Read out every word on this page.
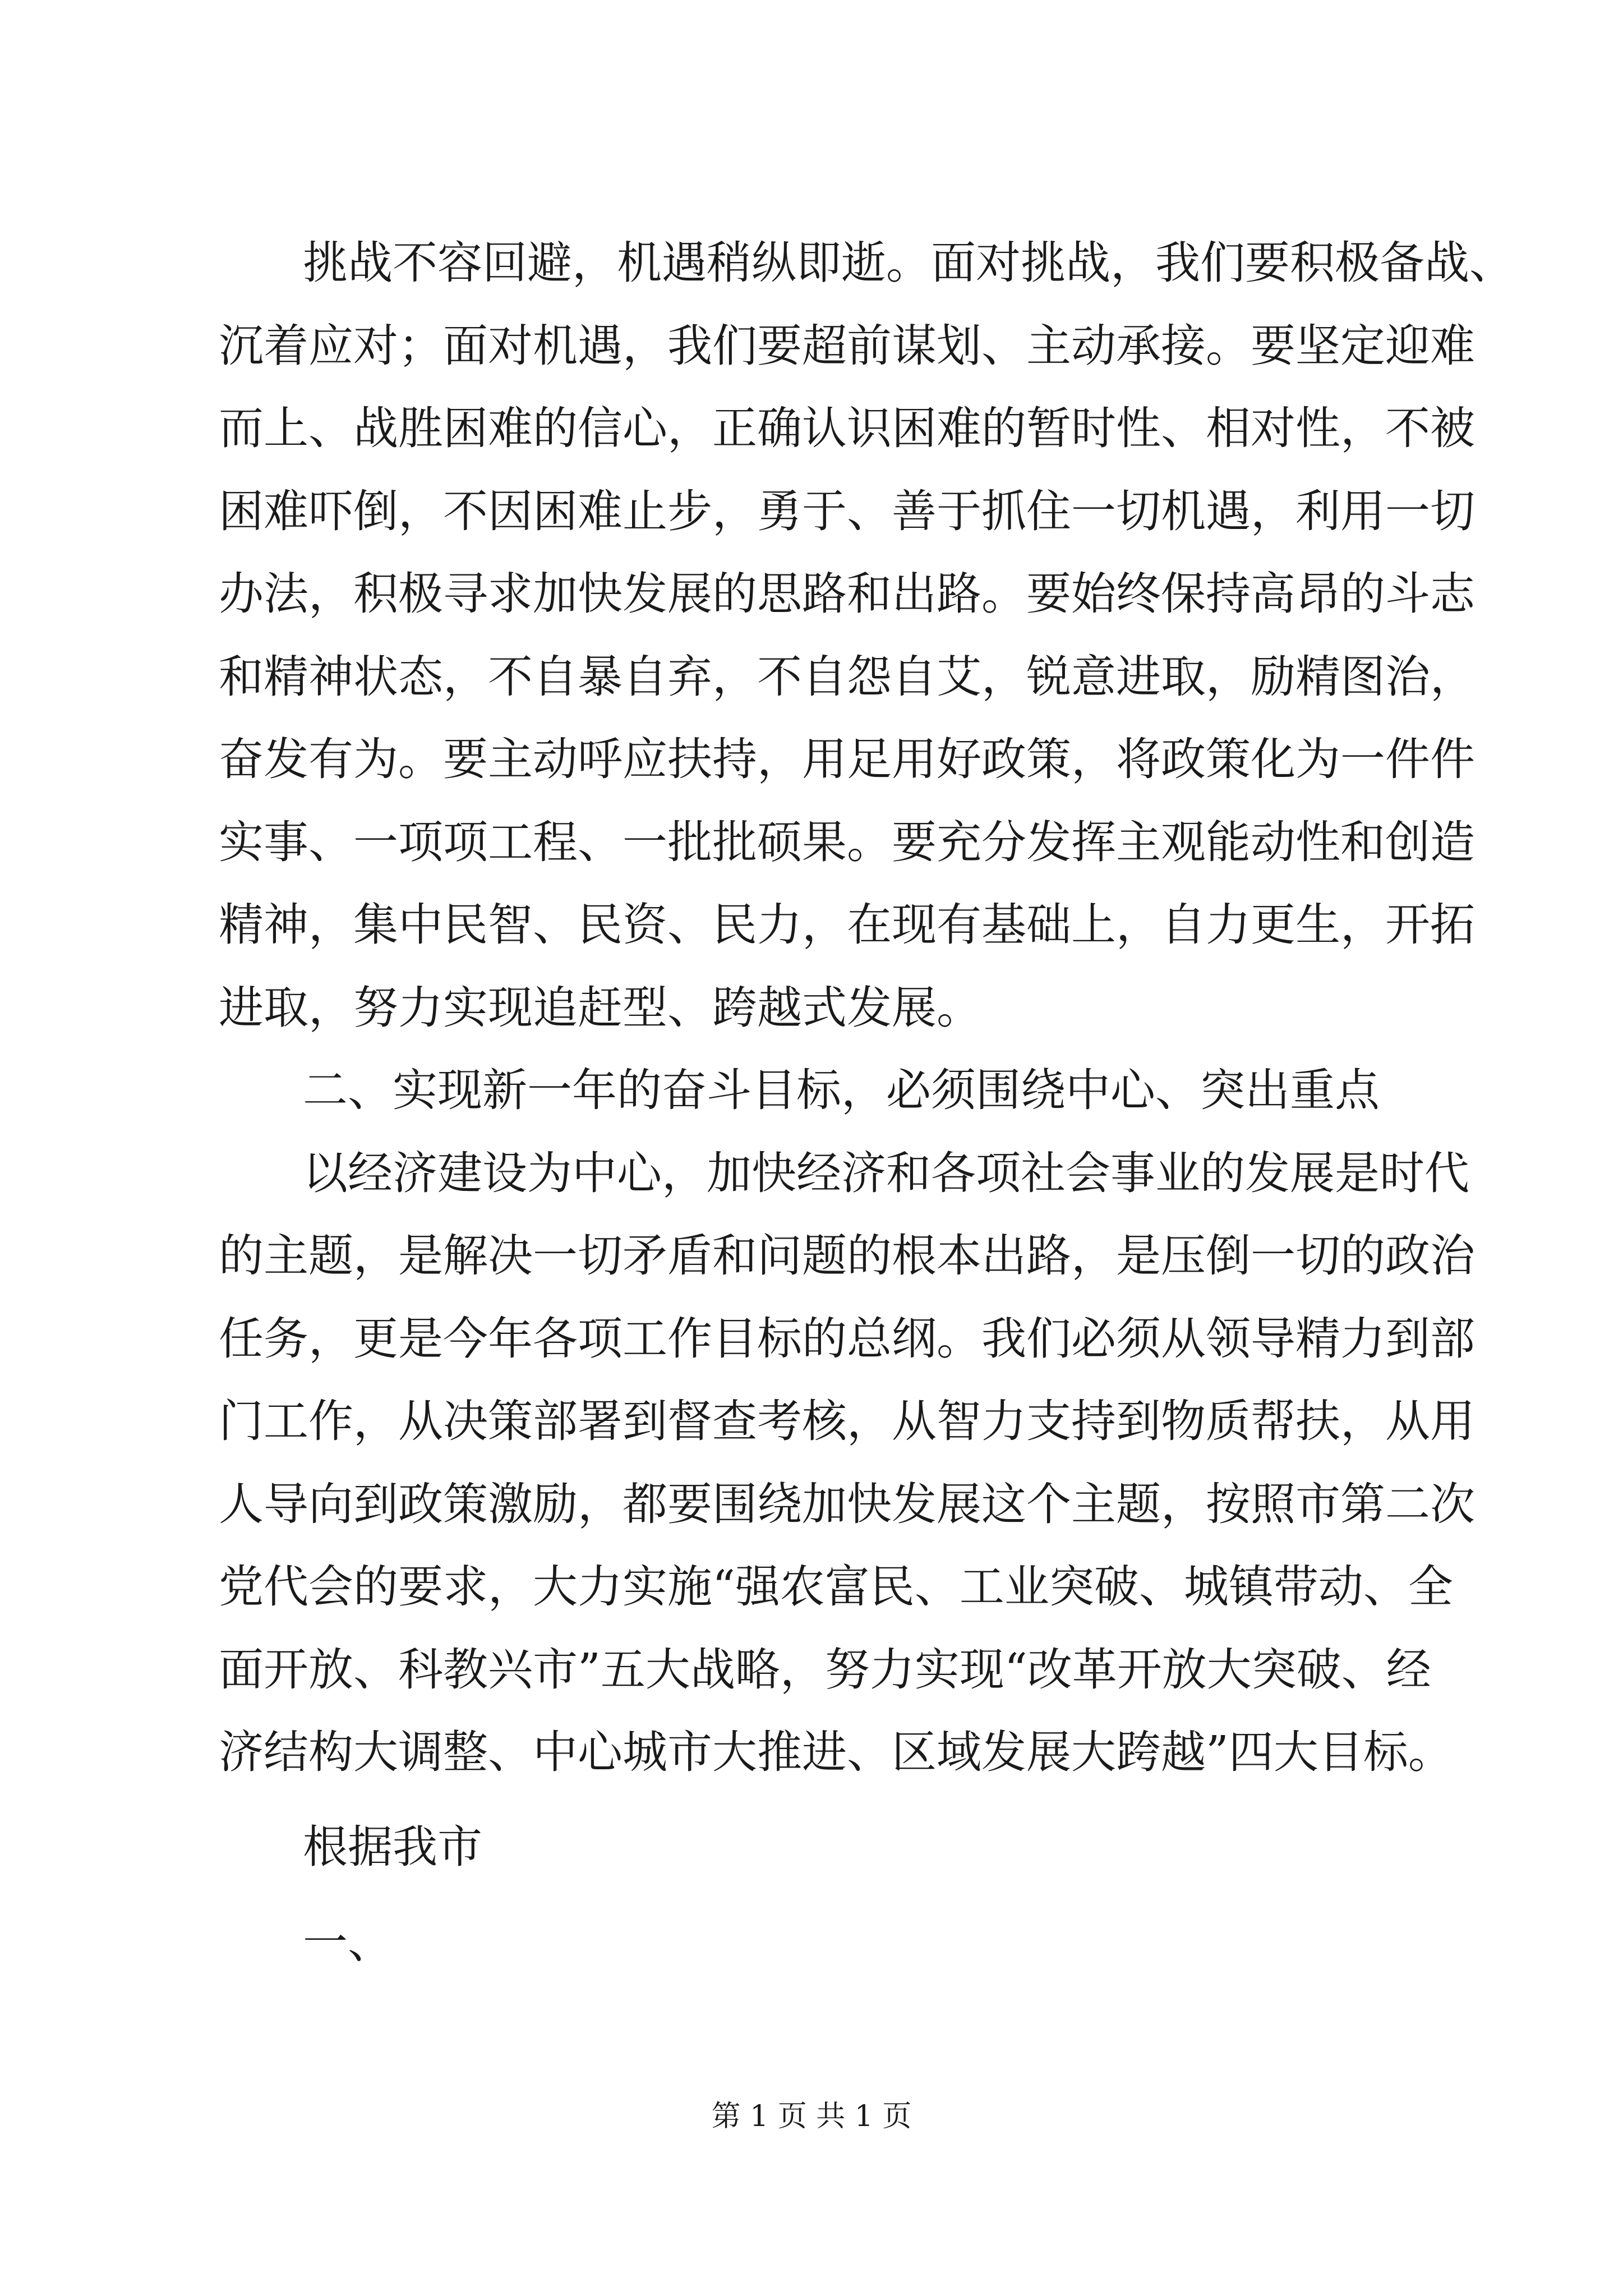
挑战不容回避，机遇稍纵即逝。面对挑战，我们要积极备战、
沉着应对；面对机遇，我们要超前谋划、主动承接。要坚定迎难
而上、战胜困难的信心，正确认识困难的暂时性、相对性，不被
困难吓倒，不因困难止步，勇于、善于抓住一切机遇，利用一切
办法，积极寻求加快发展的思路和出路。要始终保持高昂的斗志
和精神状态，不自暴自弃，不自怨自艾，锐意进取，励精图治，
奋发有为。要主动呼应扶持，用足用好政策，将政策化为一件件
实事、一项项工程、一批批硕果。要充分发挥主观能动性和创造
精神，集中民智、民资、民力，在现有基础上，自力更生，开拓
进取，努力实现追赶型、跨越式发展。
二、实现新一年的奋斗目标，必须围绕中心、突出重点
以经济建设为中心，加快经济和各项社会事业的发展是时代
的主题，是解决一切矛盾和问题的根本出路，是压倒一切的政治
任务，更是今年各项工作目标的总纲。我们必须从领导精力到部
门工作，从决策部署到督查考核，从智力支持到物质帮扶，从用
人导向到政策激励，都要围绕加快发展这个主题，按照市第二次
党代会的要求，大力实施“强农富民、工业突破、城镇带动、全
面开放、科教兴市”五大战略，努力实现“改革开放大突破、经
济结构大调整、中心城市大推进、区域发展大跨越”四大目标。
根据我市
一、
第 1 页 共 1 页
